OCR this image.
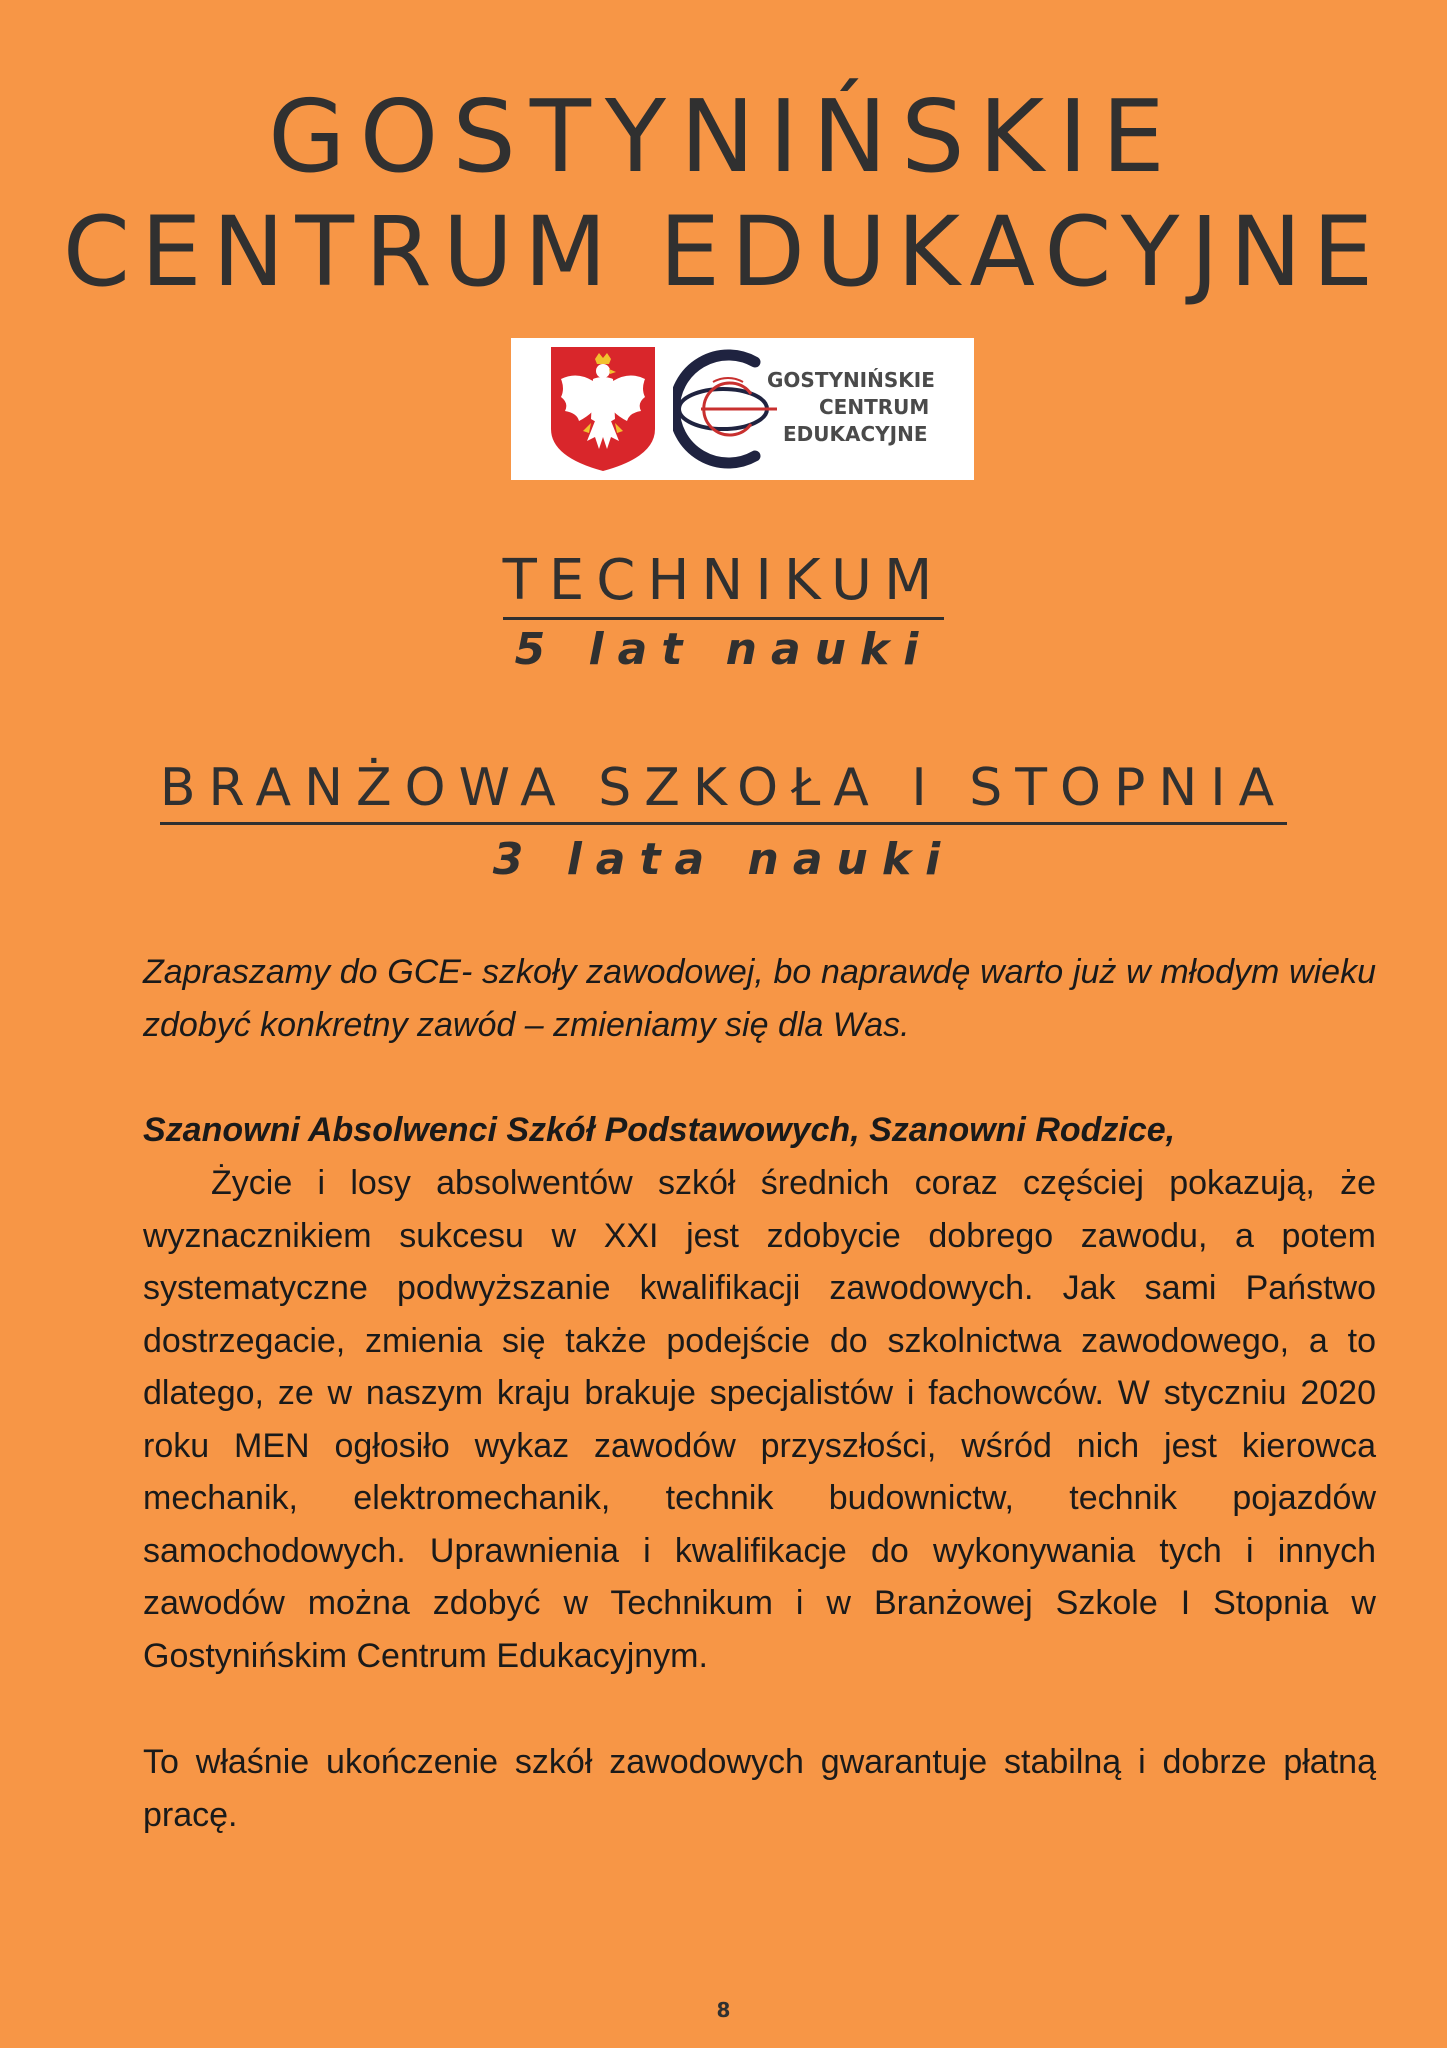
GOSTYNIŃSKIE
CENTRUM EDUKACYJNE
GOSTYNIŃSKIE
CENTRUM
EDUKACYJNE
TECHNIKUM
5 lat nauki
BRANŻOWA SZKOŁA I STOPNIA
3 lata nauki

Zapraszamy do GCE- szkoły zawodowej, bo naprawdę warto już w młodym wieku zdobyć konkretny zawód – zmieniamy się dla Was.

Szanowni Absolwenci Szkół Podstawowych, Szanowni Rodzice,

Życie i losy absolwentów szkół średnich coraz częściej pokazują, że wyznacznikiem sukcesu w XXI jest zdobycie dobrego zawodu, a potem systematyczne podwyższanie kwalifikacji zawodowych. Jak sami Państwo dostrzegacie, zmienia się także podejście do szkolnictwa zawodowego, a to dlatego, ze w naszym kraju brakuje specjalistów i fachowców. W styczniu 2020 roku MEN ogłosiło wykaz zawodów przyszłości, wśród nich jest kierowca mechanik, elektromechanik, technik budownictw, technik pojazdów samochodowych. Uprawnienia i kwalifikacje do wykonywania tych i innych zawodów można zdobyć w Technikum i w Branżowej Szkole I Stopnia w Gostynińskim Centrum Edukacyjnym.

To właśnie ukończenie szkół zawodowych gwarantuje stabilną i dobrze płatną pracę.

8
